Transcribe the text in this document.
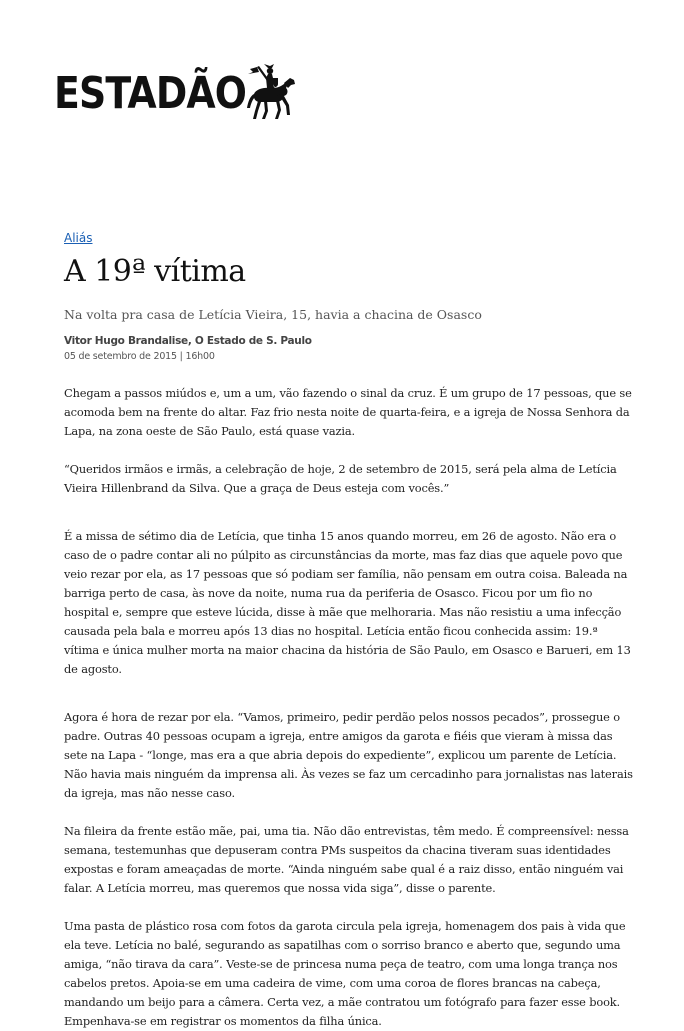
ESTADÃO
Aliás
A 19ª vítima
Na volta pra casa de Letícia Vieira, 15, havia a chacina de Osasco
Vitor Hugo Brandalise, O Estado de S. Paulo
05 de setembro de 2015 | 16h00

Chegam a passos miúdos e, um a um, vão fazendo o sinal da cruz. É um grupo de 17 pessoas, que se acomoda bem na frente do altar. Faz frio nesta noite de quarta-feira, e a igreja de Nossa Senhora da Lapa, na zona oeste de São Paulo, está quase vazia.

“Queridos irmãos e irmãs, a celebração de hoje, 2 de setembro de 2015, será pela alma de Letícia Vieira Hillenbrand da Silva. Que a graça de Deus esteja com vocês.”

É a missa de sétimo dia de Letícia, que tinha 15 anos quando morreu, em 26 de agosto. Não era o caso de o padre contar ali no púlpito as circunstâncias da morte, mas faz dias que aquele povo que veio rezar por ela, as 17 pessoas que só podiam ser família, não pensam em outra coisa. Baleada na barriga perto de casa, às nove da noite, numa rua da periferia de Osasco. Ficou por um fio no hospital e, sempre que esteve lúcida, disse à mãe que melhoraria. Mas não resistiu a uma infecção causada pela bala e morreu após 13 dias no hospital. Letícia então ficou conhecida assim: 19.ª vítima e única mulher morta na maior chacina da história de São Paulo, em Osasco e Barueri, em 13 de agosto.

Agora é hora de rezar por ela. “Vamos, primeiro, pedir perdão pelos nossos pecados”, prossegue o padre. Outras 40 pessoas ocupam a igreja, entre amigos da garota e fiéis que vieram à missa das sete na Lapa - “longe, mas era a que abria depois do expediente”, explicou um parente de Letícia. Não havia mais ninguém da imprensa ali. Às vezes se faz um cercadinho para jornalistas nas laterais da igreja, mas não nesse caso.

Na fileira da frente estão mãe, pai, uma tia. Não dão entrevistas, têm medo. É compreensível: nessa semana, testemunhas que depuseram contra PMs suspeitos da chacina tiveram suas identidades expostas e foram ameaçadas de morte. “Ainda ninguém sabe qual é a raiz disso, então ninguém vai falar. A Letícia morreu, mas queremos que nossa vida siga”, disse o parente.

Uma pasta de plástico rosa com fotos da garota circula pela igreja, homenagem dos pais à vida que ela teve. Letícia no balé, segurando as sapatilhas com o sorriso branco e aberto que, segundo uma amiga, “não tirava da cara”. Veste-se de princesa numa peça de teatro, com uma longa trança nos cabelos pretos. Apoia-se em uma cadeira de vime, com uma coroa de flores brancas na cabeça, mandando um beijo para a câmera. Certa vez, a mãe contratou um fotógrafo para fazer esse book. Empenhava-se em registrar os momentos da filha única.
